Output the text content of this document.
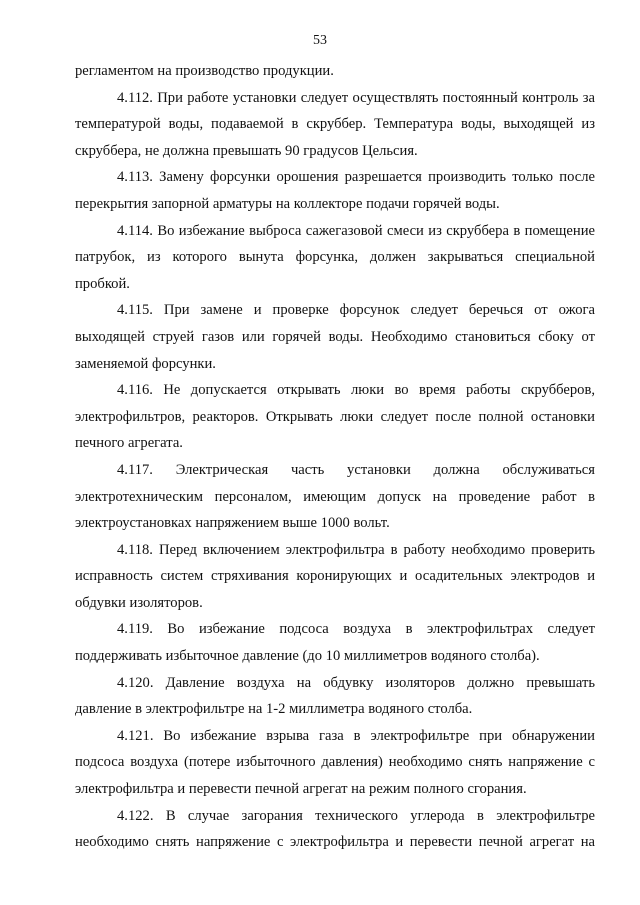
53

регламентом на производство продукции.

4.112. При работе установки следует осуществлять постоянный контроль за температурой воды, подаваемой в скруббер. Температура воды, выходящей из скруббера, не должна превышать 90 градусов Цельсия.

4.113. Замену форсунки орошения разрешается производить только после перекрытия запорной арматуры на коллекторе подачи горячей воды.

4.114. Во избежание выброса сажегазовой смеси из скруббера в помещение патрубок, из которого вынута форсунка, должен закрываться специальной пробкой.

4.115. При замене и проверке форсунок следует беречься от ожога выходящей струей газов или горячей воды. Необходимо становиться сбоку от заменяемой форсунки.

4.116. Не допускается открывать люки во время работы скрубберов, электрофильтров, реакторов. Открывать люки следует после полной остановки печного агрегата.

4.117. Электрическая часть установки должна обслуживаться электротехническим персоналом, имеющим допуск на проведение работ в электроустановках напряжением выше 1000 вольт.

4.118. Перед включением электрофильтра в работу необходимо проверить исправность систем стряхивания коронирующих и осадительных электродов и обдувки изоляторов.

4.119. Во избежание подсоса воздуха в электрофильтрах следует поддерживать избыточное давление (до 10 миллиметров водяного столба).

4.120. Давление воздуха на обдувку изоляторов должно превышать давление в электрофильтре на 1-2 миллиметра водяного столба.

4.121. Во избежание взрыва газа в электрофильтре при обнаружении подсоса воздуха (потере избыточного давления) необходимо снять напряжение с электрофильтра и перевести печной агрегат на режим полного сгорания.

4.122. В случае загорания технического углерода в электрофильтре необходимо снять напряжение с электрофильтра и перевести печной агрегат на
